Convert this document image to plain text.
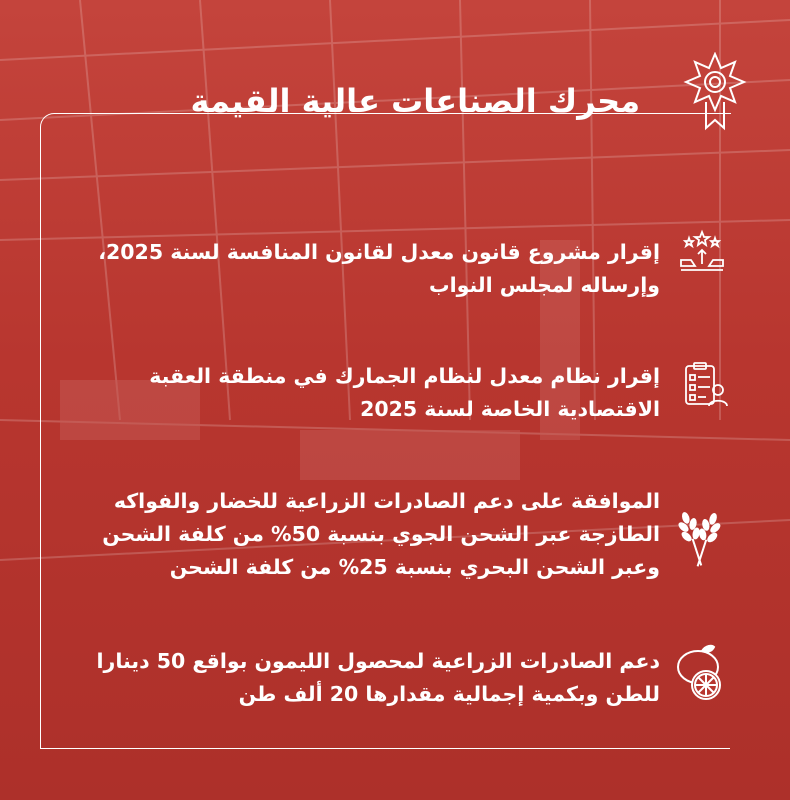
محرك الصناعات عالية القيمة
إقرار مشروع قانون معدل لقانون المنافسة لسنة 2025،
وإرساله لمجلس النواب
إقرار نظام معدل لنظام الجمارك في منطقة العقبة
الاقتصادية الخاصة لسنة 2025
الموافقة على دعم الصادرات الزراعية للخضار والفواكه
الطازجة عبر الشحن الجوي بنسبة 50% من كلفة الشحن
وعبر الشحن البحري بنسبة 25% من كلفة الشحن
دعم الصادرات الزراعية لمحصول الليمون بواقع 50 دينارا
للطن وبكمية إجمالية مقدارها 20 ألف طن
